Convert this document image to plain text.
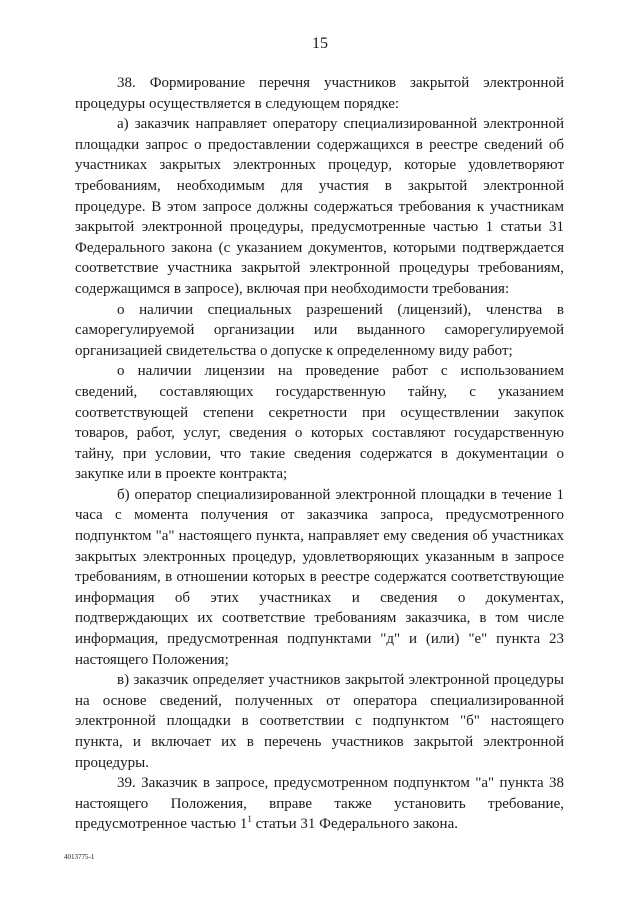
15

38. Формирование перечня участников закрытой электронной процедуры осуществляется в следующем порядке:

а) заказчик направляет оператору специализированной электронной площадки запрос о предоставлении содержащихся в реестре сведений об участниках закрытых электронных процедур, которые удовлетворяют требованиям, необходимым для участия в закрытой электронной процедуре. В этом запросе должны содержаться требования к участникам закрытой электронной процедуры, предусмотренные частью 1 статьи 31 Федерального закона (с указанием документов, которыми подтверждается соответствие участника закрытой электронной процедуры требованиям, содержащимся в запросе), включая при необходимости требования:

о наличии специальных разрешений (лицензий), членства в саморегулируемой организации или выданного саморегулируемой организацией свидетельства о допуске к определенному виду работ;

о наличии лицензии на проведение работ с использованием сведений, составляющих государственную тайну, с указанием соответствующей степени секретности при осуществлении закупок товаров, работ, услуг, сведения о которых составляют государственную тайну, при условии, что такие сведения содержатся в документации о закупке или в проекте контракта;

б) оператор специализированной электронной площадки в течение 1 часа с момента получения от заказчика запроса, предусмотренного подпунктом "а" настоящего пункта, направляет ему сведения об участниках закрытых электронных процедур, удовлетворяющих указанным в запросе требованиям, в отношении которых в реестре содержатся соответствующие информация об этих участниках и сведения о документах, подтверждающих их соответствие требованиям заказчика, в том числе информация, предусмотренная подпунктами "д" и (или) "е" пункта 23 настоящего Положения;

в) заказчик определяет участников закрытой электронной процедуры на основе сведений, полученных от оператора специализированной электронной площадки в соответствии с подпунктом "б" настоящего пункта, и включает их в перечень участников закрытой электронной процедуры.

39. Заказчик в запросе, предусмотренном подпунктом "а" пункта 38 настоящего Положения, вправе также установить требование, предусмотренное частью $1^1$ статьи 31 Федерального закона.

4013775-1
